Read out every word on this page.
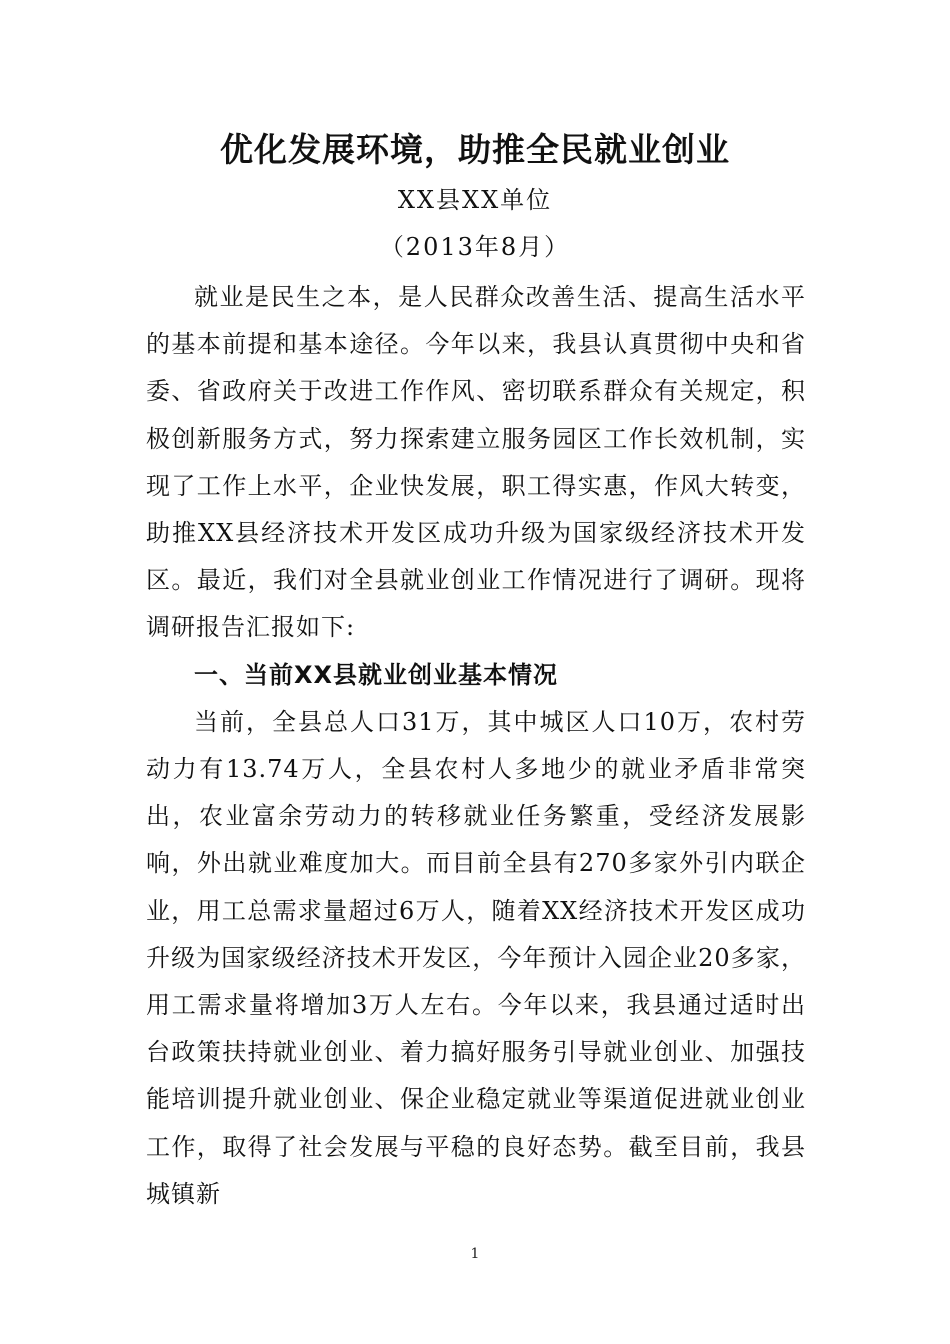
优化发展环境，助推全民就业创业
XX县XX单位
（2013年8月）

就业是民生之本，是人民群众改善生活、提高生活水平的基本前提和基本途径。今年以来，我县认真贯彻中央和省委、省政府关于改进工作作风、密切联系群众有关规定，积极创新服务方式，努力探索建立服务园区工作长效机制，实现了工作上水平，企业快发展，职工得实惠，作风大转变，助推XX县经济技术开发区成功升级为国家级经济技术开发区。最近，我们对全县就业创业工作情况进行了调研。现将调研报告汇报如下:

一、当前XX县就业创业基本情况

当前，全县总人口31万，其中城区人口10万，农村劳动力有13.74万人，全县农村人多地少的就业矛盾非常突出，农业富余劳动力的转移就业任务繁重，受经济发展影响，外出就业难度加大。而目前全县有270多家外引内联企业，用工总需求量超过6万人，随着XX经济技术开发区成功升级为国家级经济技术开发区，今年预计入园企业20多家，用工需求量将增加3万人左右。今年以来，我县通过适时出台政策扶持就业创业、着力搞好服务引导就业创业、加强技能培训提升就业创业、保企业稳定就业等渠道促进就业创业工作，取得了社会发展与平稳的良好态势。截至目前，我县城镇新

1
